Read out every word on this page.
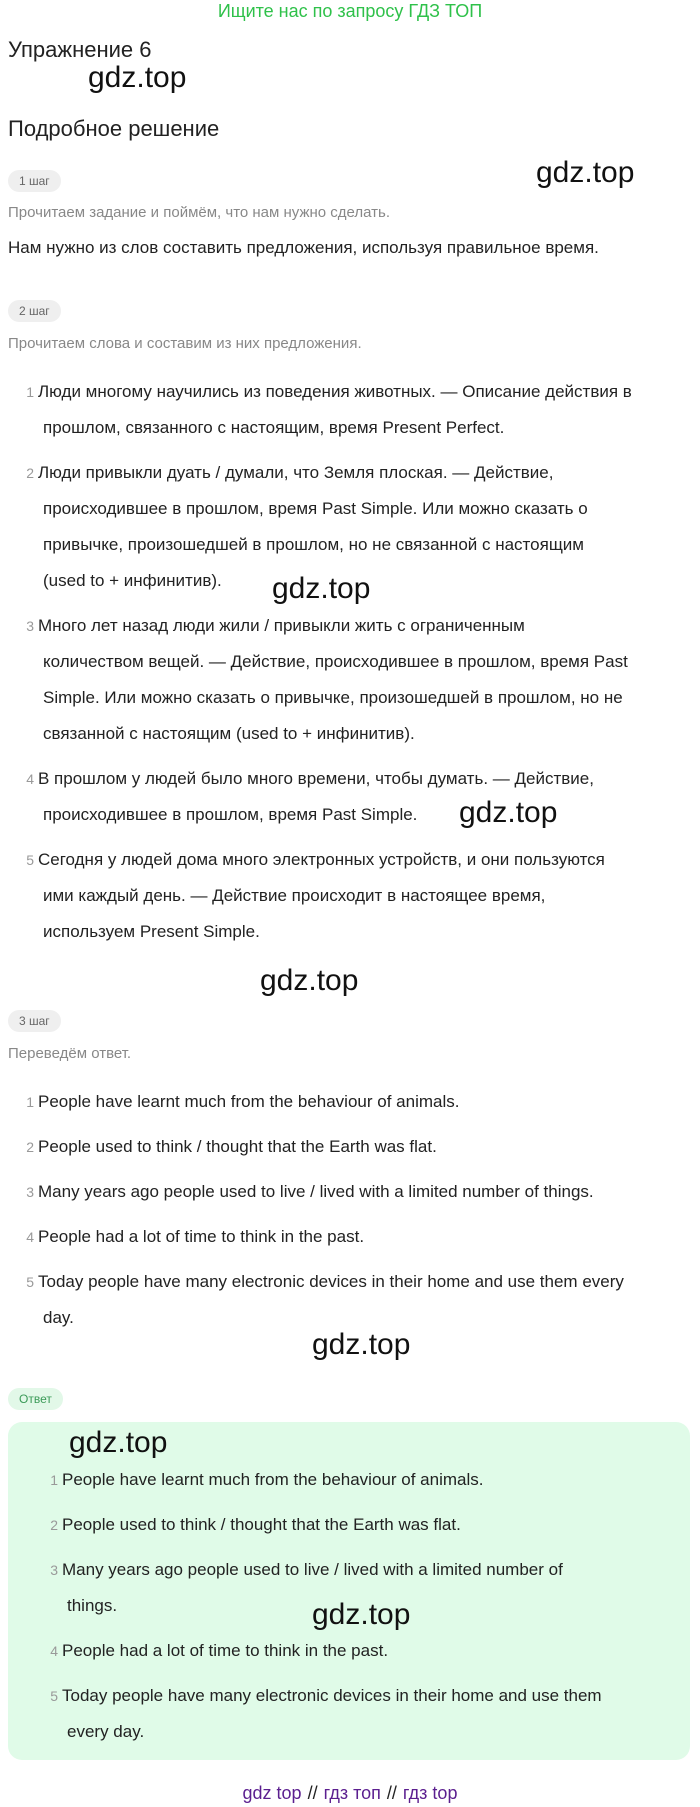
Ищите нас по запросу ГДЗ ТОП
Упражнение 6
gdz.top
Подробное решение
gdz.top
1 шаг
Прочитаем задание и поймём, что нам нужно сделать.
Нам нужно из слов составить предложения, используя правильное время.
2 шаг
Прочитаем слова и составим из них предложения.
1 Люди многому научились из поведения животных. — Описание действия в
прошлом, связанного с настоящим, время Present Perfect.
2 Люди привыкли дуать / думали, что Земля плоская. — Действие,
происходившее в прошлом, время Past Simple. Или можно сказать о
привычке, произошедшей в прошлом, но не связанной с настоящим
(used to + инфинитив).
3 Много лет назад люди жили / привыкли жить с ограниченным
количеством вещей. — Действие, происходившее в прошлом, время Past
Simple. Или можно сказать о привычке, произошедшей в прошлом, но не
связанной с настоящим (used to + инфинитив).
4 В прошлом у людей было много времени, чтобы думать. — Действие,
происходившее в прошлом, время Past Simple.
5 Сегодня у людей дома много электронных устройств, и они пользуются
ими каждый день. — Действие происходит в настоящее время,
используем Present Simple.
gdz.top
gdz.top
gdz.top
3 шаг
Переведём ответ.
1 People have learnt much from the behaviour of animals.
2 People used to think / thought that the Earth was flat.
3 Many years ago people used to live / lived with a limited number of things.
4 People had a lot of time to think in the past.
5 Today people have many electronic devices in their home and use them every
day.
gdz.top
Ответ
gdz.top
1 People have learnt much from the behaviour of animals.
2 People used to think / thought that the Earth was flat.
3 Many years ago people used to live / lived with a limited number of
things.
4 People had a lot of time to think in the past.
5 Today people have many electronic devices in their home and use them
every day.
gdz.top
gdz top // гдз топ // гдз top
